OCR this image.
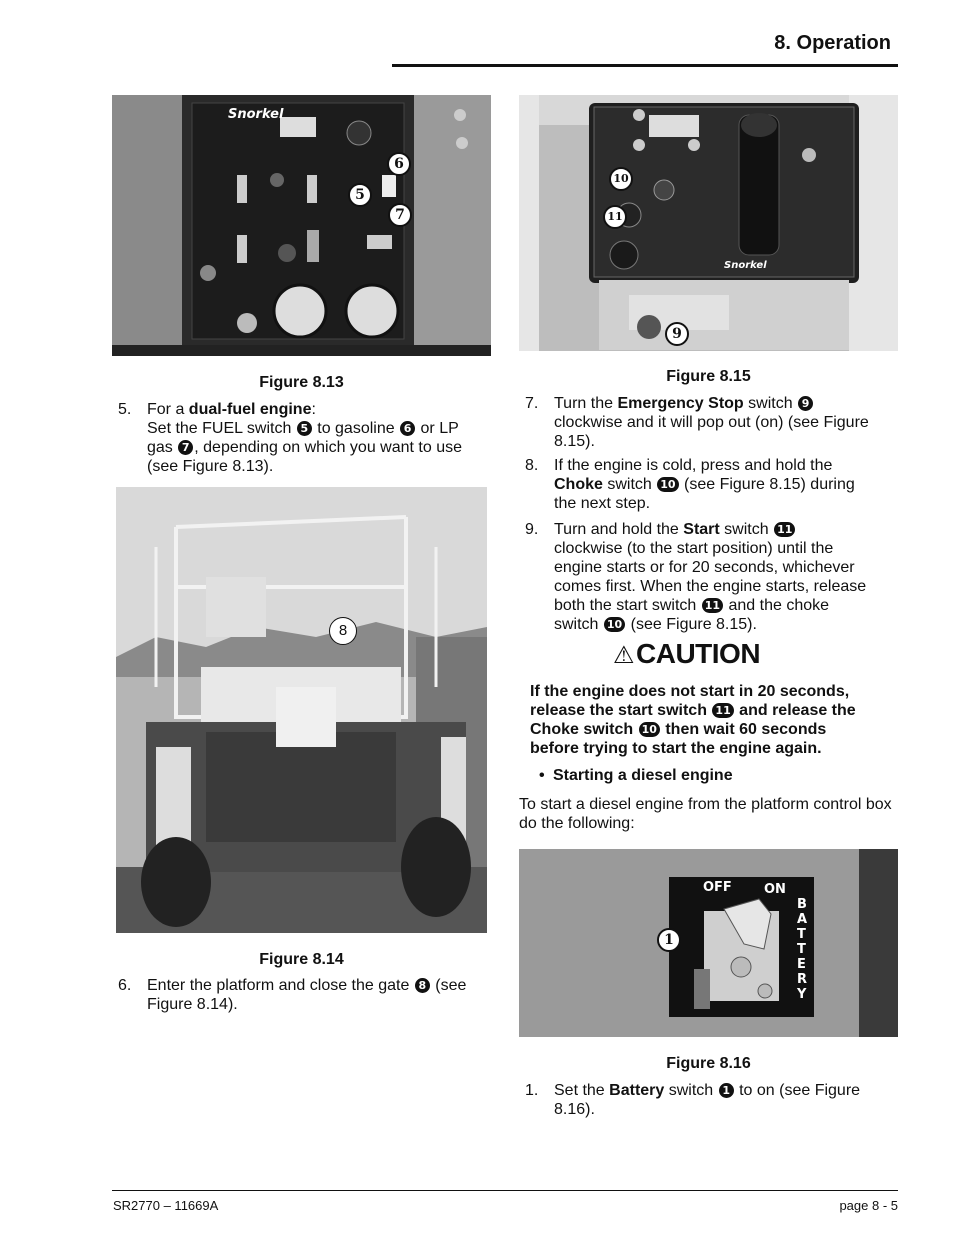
8. Operation
Snorkel
6
5
7
Figure 8.13
5. For a dual-fuel engine:
Set the FUEL switch 5 to gasoline 6 or LP
gas 7 , depending on which you want to use
(see Figure 8.13).
8
Figure 8.14
6. Enter the platform and close the gate 8 (see
Figure 8.14).
Snorkel
10
11
9
Figure 8.15
7. Turn the Emergency Stop switch 9
clockwise and it will pop out (on) (see Figure
8.15).
8. If the engine is cold, press and hold the
Choke switch 10 (see Figure 8.15) during
the next step.
9. Turn and hold the Start switch 11
clockwise (to the start position) until the
engine starts or for 20 seconds, whichever
comes first. When the engine starts, release
both the start switch 11 and the choke
switch 10 (see Figure 8.15).
⚠CAUTION
If the engine does not start in 20 seconds,
release the start switch 11 and release the
Choke switch 10 then wait 60 seconds
before trying to start the engine again.
• Starting a diesel engine
To start a diesel engine from the platform control box do the following:
OFF ON
BATTERY
1
Figure 8.16
1. Set the Battery switch 1 to on (see Figure
8.16).
SR2770 – 11669A	page 8 - 5
